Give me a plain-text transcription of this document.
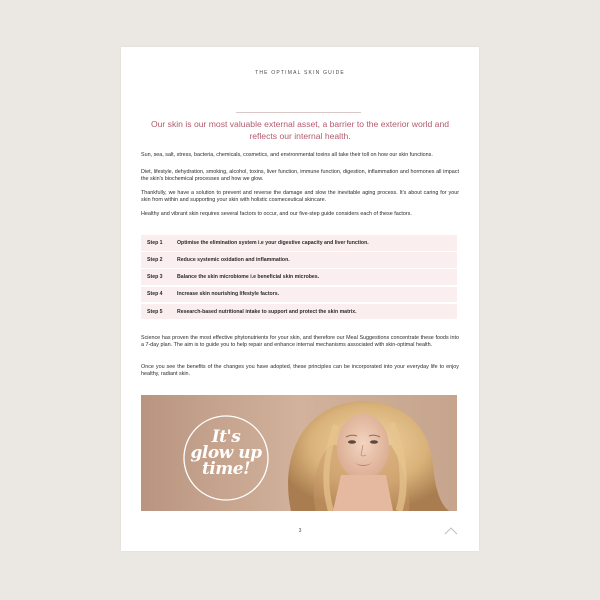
THE OPTIMAL SKIN GUIDE
Our skin is our most valuable external asset, a barrier to the exterior world and reflects our internal health.

Sun, sea, salt, stress, bacteria, chemicals, cosmetics, and environmental toxins all take their toll on how our skin functions.

Diet, lifestyle, dehydration, smoking, alcohol, toxins, liver function, immune function, digestion, inflammation and hormones all impact the skin's biochemical processes and how we glow.

Thankfully, we have a solution to prevent and reverse the damage and slow the inevitable aging process. It's about caring for your skin from within and supporting your skin with holistic cosmeceutical skincare.

Healthy and vibrant skin requires several factors to occur, and our five-step guide considers each of these factors.

Step 1	Optimise the elimination system i.e your digestive capacity and liver function.
Step 2	Reduce systemic oxidation and inflammation.
Step 3	Balance the skin microbiome i.e beneficial skin microbes.
Step 4	Increase skin nourishing lifestyle factors.
Step 5	Research-based nutritional intake to support and protect the skin matrix.

Science has proven the most effective phytonutrients for your skin, and therefore our Meal Suggestions concentrate these foods into a 7-day plan. The aim is to guide you to help repair and enhance internal mechanisms associated with skin-optimal health.

Once you see the benefits of the changes you have adopted, these principles can be incorporated into your everyday life to enjoy healthy, radiant skin.

It's
glow up
time!
3
